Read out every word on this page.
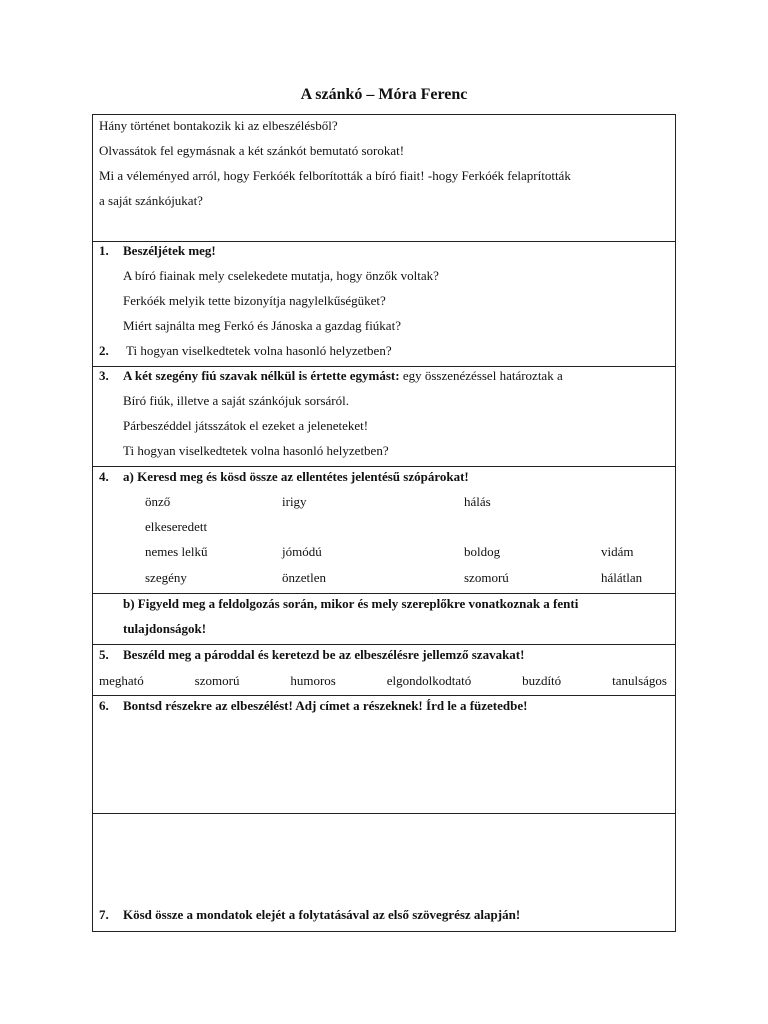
A szánkó – Móra Ferenc
Hány történet bontakozik ki az elbeszélésből?
Olvassátok fel egymásnak a két szánkót bemutató sorokat!
Mi a véleményed arról, hogy Ferkóék felborították a bíró fiait! -hogy Ferkóék felaprították
a saját szánkójukat?
1. Beszéljétek meg!
A bíró fiainak mely cselekedete mutatja, hogy önzők voltak?
Ferkóék melyik tette bizonyítja nagylelkűségüket?
Miért sajnálta meg Ferkó és Jánoska a gazdag fiúkat?
2. Ti hogyan viselkedtetek volna hasonló helyzetben?
3. A két szegény fiú szavak nélkül is értette egymást: egy összenézéssel határoztak a
Bíró fiúk, illetve a saját szánkójuk sorsáról.
Párbeszéddel játsszátok el ezeket a jeleneteket!
Ti hogyan viselkedtetek volna hasonló helyzetben?
4. a) Keresd meg és kösd össze az ellentétes jelentésű szópárokat!
önző	irigy	hálás
elkeseredett
nemes lelkű	jómódú	boldog	vidám
szegény	önzetlen	szomorú	hálátlan
b) Figyeld meg a feldolgozás során, mikor és mely szereplőkre vonatkoznak a fenti
tulajdonságok!
5. Beszéld meg a pároddal és keretezd be az elbeszélésre jellemző szavakat!
megható	szomorú	humoros	elgondolkodtató	buzdító	tanulságos
6. Bontsd részekre az elbeszélést! Adj címet a részeknek! Írd le a füzetedbe!
7. Kösd össze a mondatok elejét a folytatásával az első szövegrész alapján!
